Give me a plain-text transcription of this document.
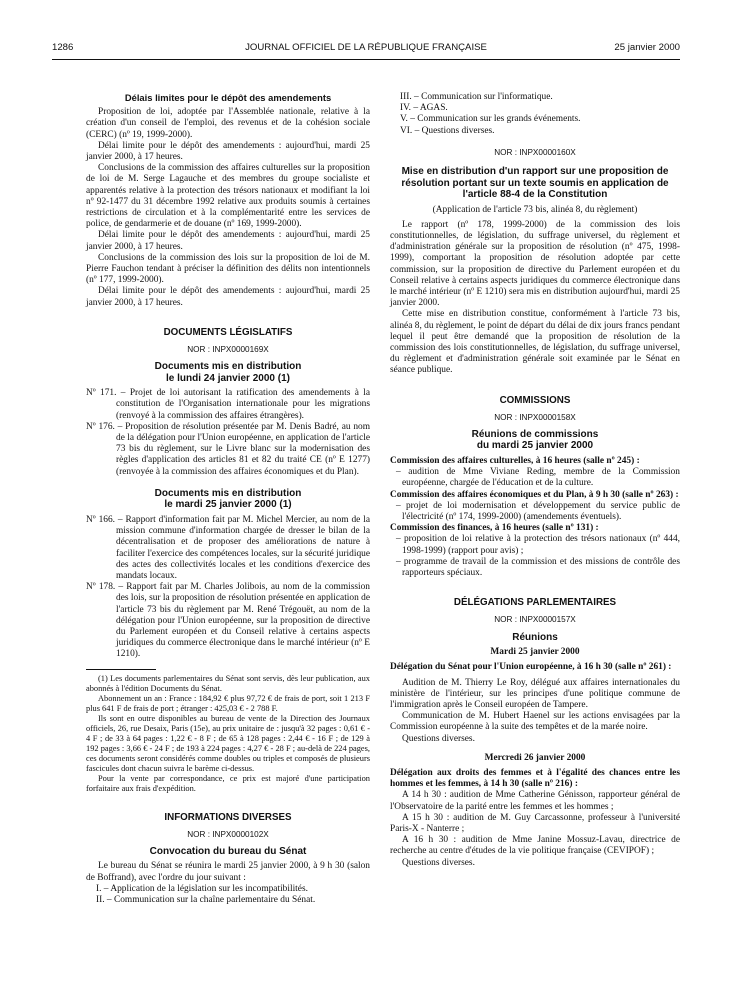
1286	JOURNAL OFFICIEL DE LA RÉPUBLIQUE FRANÇAISE	25 janvier 2000

Délais limites pour le dépôt des amendements

Proposition de loi, adoptée par l'Assemblée nationale, relative à la création d'un conseil de l'emploi, des revenus et de la cohésion sociale (CERC) (nº 19, 1999-2000).

Délai limite pour le dépôt des amendements : aujourd'hui, mardi 25 janvier 2000, à 17 heures.

Conclusions de la commission des affaires culturelles sur la proposition de loi de M. Serge Lagauche et des membres du groupe socialiste et apparentés relative à la protection des trésors nationaux et modifiant la loi nº 92-1477 du 31 décembre 1992 relative aux produits soumis à certaines restrictions de circulation et à la complémentarité entre les services de police, de gendarmerie et de douane (nº 169, 1999-2000).

Délai limite pour le dépôt des amendements : aujourd'hui, mardi 25 janvier 2000, à 17 heures.

Conclusions de la commission des lois sur la proposition de loi de M. Pierre Fauchon tendant à préciser la définition des délits non intentionnels (nº 177, 1999-2000).

Délai limite pour le dépôt des amendements : aujourd'hui, mardi 25 janvier 2000, à 17 heures.

DOCUMENTS LÉGISLATIFS

NOR : INPX0000169X

Documents mis en distribution

le lundi 24 janvier 2000 (1)

Nº 171. – Projet de loi autorisant la ratification des amendements à la constitution de l'Organisation internationale pour les migrations (renvoyé à la commission des affaires étrangères).

Nº 176. – Proposition de résolution présentée par M. Denis Badré, au nom de la délégation pour l'Union européenne, en application de l'article 73 bis du règlement, sur le Livre blanc sur la modernisation des règles d'application des articles 81 et 82 du traité CE (nº E 1277) (renvoyée à la commission des affaires économiques et du Plan).

Documents mis en distribution

le mardi 25 janvier 2000 (1)

Nº 166. – Rapport d'information fait par M. Michel Mercier, au nom de la mission commune d'information chargée de dresser le bilan de la décentralisation et de proposer des améliorations de nature à faciliter l'exercice des compétences locales, sur la sécurité juridique des actes des collectivités locales et les conditions d'exercice des mandats locaux.

Nº 178. – Rapport fait par M. Charles Jolibois, au nom de la commission des lois, sur la proposition de résolution présentée en application de l'article 73 bis du règlement par M. René Trégouët, au nom de la délégation pour l'Union européenne, sur la proposition de directive du Parlement européen et du Conseil relative à certains aspects juridiques du commerce électronique dans le marché intérieur (nº E 1210).

(1) Les documents parlementaires du Sénat sont servis, dès leur publication, aux abonnés à l'édition Documents du Sénat.

Abonnement un an : France : 184,92 € plus 97,72 € de frais de port, soit 1 213 F plus 641 F de frais de port ; étranger : 425,03 € - 2 788 F.

Ils sont en outre disponibles au bureau de vente de la Direction des Journaux officiels, 26, rue Desaix, Paris (15e), au prix unitaire de : jusqu'à 32 pages : 0,61 € - 4 F ; de 33 à 64 pages : 1,22 € - 8 F ; de 65 à 128 pages : 2,44 € - 16 F ; de 129 à 192 pages : 3,66 € - 24 F ; de 193 à 224 pages : 4,27 € - 28 F ; au-delà de 224 pages, ces documents seront considérés comme doubles ou triples et composés de plusieurs fascicules dont chacun suivra le barème ci-dessus.

Pour la vente par correspondance, ce prix est majoré d'une participation forfaitaire aux frais d'expédition.

INFORMATIONS DIVERSES

NOR : INPX0000102X

Convocation du bureau du Sénat

Le bureau du Sénat se réunira le mardi 25 janvier 2000, à 9 h 30 (salon de Boffrand), avec l'ordre du jour suivant :

I. – Application de la législation sur les incompatibilités.

II. – Communication sur la chaîne parlementaire du Sénat.

III. – Communication sur l'informatique.

IV. – AGAS.

V. – Communication sur les grands événements.

VI. – Questions diverses.

NOR : INPX0000160X

Mise en distribution d'un rapport sur une proposition de résolution portant sur un texte soumis en application de l'article 88-4 de la Constitution

(Application de l'article 73 bis, alinéa 8, du règlement)

Le rapport (nº 178, 1999-2000) de la commission des lois constitutionnelles, de législation, du suffrage universel, du règlement et d'administration générale sur la proposition de résolution (nº 475, 1998-1999), comportant la proposition de résolution adoptée par cette commission, sur la proposition de directive du Parlement européen et du Conseil relative à certains aspects juridiques du commerce électronique dans le marché intérieur (nº E 1210) sera mis en distribution aujourd'hui, mardi 25 janvier 2000.

Cette mise en distribution constitue, conformément à l'article 73 bis, alinéa 8, du règlement, le point de départ du délai de dix jours francs pendant lequel il peut être demandé que la proposition de résolution de la commission des lois constitutionnelles, de législation, du suffrage universel, du règlement et d'administration générale soit examinée par le Sénat en séance publique.

COMMISSIONS

NOR : INPX0000158X

Réunions de commissions

du mardi 25 janvier 2000

Commission des affaires culturelles, à 16 heures (salle nº 245) :

– audition de Mme Viviane Reding, membre de la Commission européenne, chargée de l'éducation et de la culture.

Commission des affaires économiques et du Plan, à 9 h 30 (salle nº 263) :

– projet de loi modernisation et développement du service public de l'électricité (nº 174, 1999-2000) (amendements éventuels).

Commission des finances, à 16 heures (salle nº 131) :

– proposition de loi relative à la protection des trésors nationaux (nº 444, 1998-1999) (rapport pour avis) ;

– programme de travail de la commission et des missions de contrôle des rapporteurs spéciaux.

DÉLÉGATIONS PARLEMENTAIRES

NOR : INPX0000157X

Réunions

Mardi 25 janvier 2000

Délégation du Sénat pour l'Union européenne, à 16 h 30 (salle nº 261) :

Audition de M. Thierry Le Roy, délégué aux affaires internationales du ministère de l'intérieur, sur les principes d'une politique commune de l'immigration après le Conseil européen de Tampere.

Communication de M. Hubert Haenel sur les actions envisagées par la Commission européenne à la suite des tempêtes et de la marée noire.

Questions diverses.

Mercredi 26 janvier 2000

Délégation aux droits des femmes et à l'égalité des chances entre les hommes et les femmes, à 14 h 30 (salle nº 216) :

A 14 h 30 : audition de Mme Catherine Génisson, rapporteur général de l'Observatoire de la parité entre les femmes et les hommes ;

A 15 h 30 : audition de M. Guy Carcassonne, professeur à l'université Paris-X - Nanterre ;

A 16 h 30 : audition de Mme Janine Mossuz-Lavau, directrice de recherche au centre d'études de la vie politique française (CEVIPOF) ;

Questions diverses.
